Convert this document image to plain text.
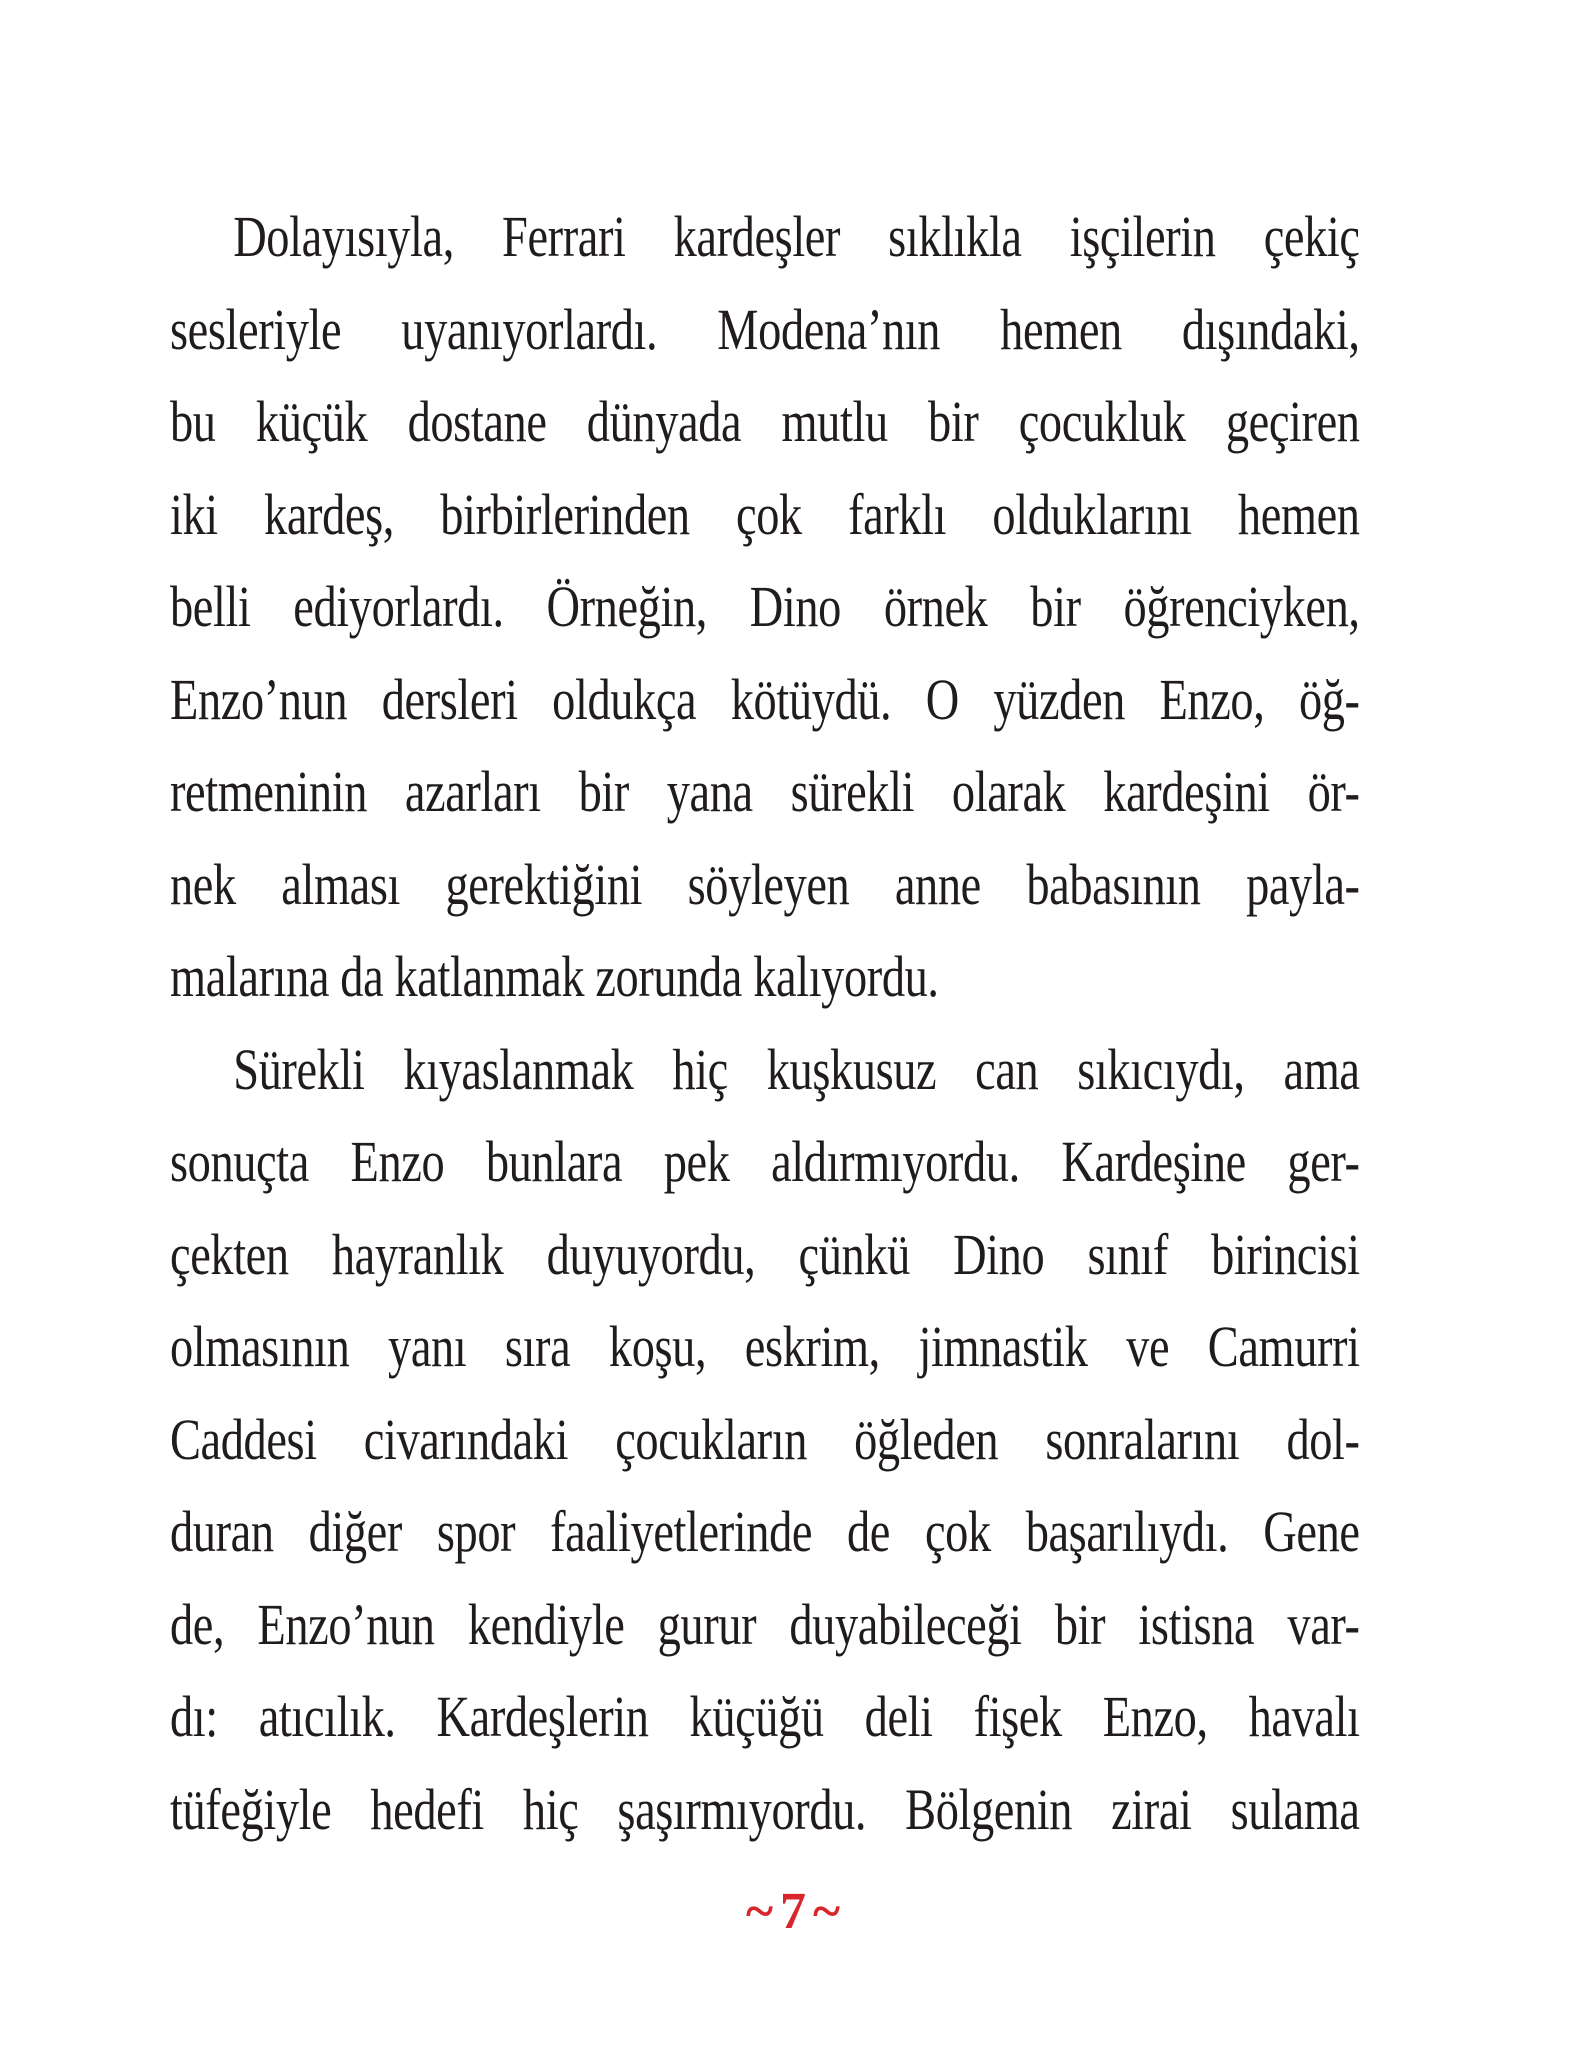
Dolayısıyla, Ferrari kardeşler sıklıkla işçilerin çekiç
sesleriyle uyanıyorlardı. Modena’nın hemen dışındaki,
bu küçük dostane dünyada mutlu bir çocukluk geçiren
iki kardeş, birbirlerinden çok farklı olduklarını hemen
belli ediyorlardı. Örneğin, Dino örnek bir öğrenciyken,
Enzo’nun dersleri oldukça kötüydü. O yüzden Enzo, öğ-
retmeninin azarları bir yana sürekli olarak kardeşini ör-
nek alması gerektiğini söyleyen anne babasının payla-
malarına da katlanmak zorunda kalıyordu.
Sürekli kıyaslanmak hiç kuşkusuz can sıkıcıydı, ama
sonuçta Enzo bunlara pek aldırmıyordu. Kardeşine ger-
çekten hayranlık duyuyordu, çünkü Dino sınıf birincisi
olmasının yanı sıra koşu, eskrim, jimnastik ve Camurri
Caddesi civarındaki çocukların öğleden sonralarını dol-
duran diğer spor faaliyetlerinde de çok başarılıydı. Gene
de, Enzo’nun kendiyle gurur duyabileceği bir istisna var-
dı: atıcılık. Kardeşlerin küçüğü deli fişek Enzo, havalı
tüfeğiyle hedefi hiç şaşırmıyordu. Bölgenin zirai sulama
~7~
